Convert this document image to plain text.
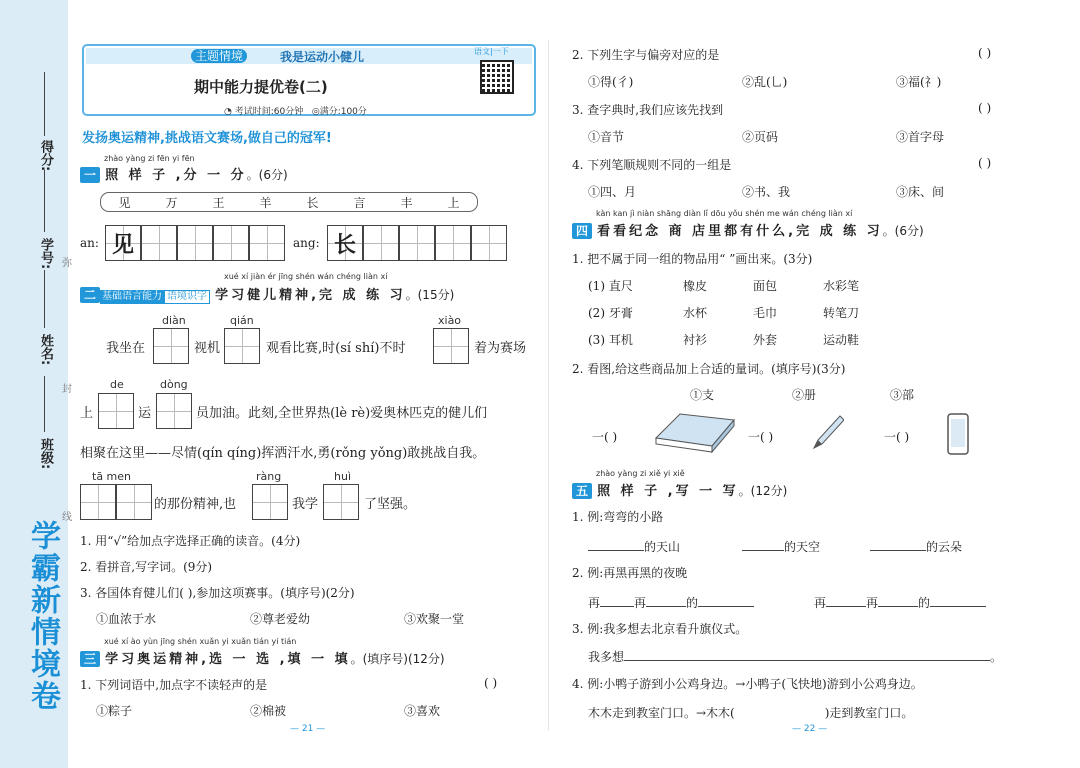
班级:
姓名:
学号:
得分:
弥
封
线
学霸新情境卷
主题情境	我是运动小健儿
期中能力提优卷(二)
◔ 考试时间:60分钟 ◎满分:100分
语文|一下
发扬奥运精神,挑战语文赛场,做自己的冠军!
zhào yàng zi fēn yi fēn
一 照 样 子 ,分 一 分。(6分)
见	万	王	羊	长	言	丰	上
an: 见	ang: 长
xué xí jiàn ér jīng shén wán chéng liàn xí
二 基础语言能力 语境识字 学习健儿精神,完 成 练 习。(15分)
diàn	qián	xiào
我坐在	视机	观看比赛,时(sí shí)不时	着为赛场
de	dòng
上	运	员加油。此刻,全世界热(lè rè)爱奥林匹克的健儿们
相聚在这里——尽情(qín qíng)挥洒汗水,勇(rǒng yǒng)敢挑战自我。
tā men	ràng	huì
的那份精神,也	我学	了坚强。
1. 用“√”给加点字选择正确的读音。(4分)
2. 看拼音,写字词。(9分)
3. 各国体育健儿们( ),参加这项赛事。(填序号)(2分)
①血浓于水	②尊老爱幼	③欢聚一堂
xué xí ào yùn jīng shén xuǎn yi xuǎn tián yi tián
三 学习奥运精神,选 一 选 ,填 一 填。(填序号)(12分)
1. 下列词语中,加点字不读轻声的是	( )
①粽子	②棉被	③喜欢
— 21 —
2. 下列生字与偏旁对应的是	( )
①得(彳)	②乱(乚)	③福(礻)
3. 查字典时,我们应该先找到	( )
①音节	②页码	③首字母
4. 下列笔顺规则不同的一组是	( )
①四、月	②书、我	③床、间
kàn kan jì niàn shāng diàn lǐ dōu yǒu shén me wán chéng liàn xí
四 看看纪念 商 店里都有什么,完 成 练 习。(6分)
1. 把不属于同一组的物品用“ ”画出来。(3分)
(1) 直尺	橡皮	面包	水彩笔
(2) 牙膏	水杯	毛巾	转笔刀
(3) 耳机	衬衫	外套	运动鞋
2. 看图,给这些商品加上合适的量词。(填序号)(3分)
①支	②册	③部
一( )	一( )	一( )
zhào yàng zi xiě yi xiě
五 照 样 子 ,写 一 写。(12分)
1. 例:弯弯的小路
的天山	的天空	的云朵
2. 例:再黑再黑的夜晚
再	再	的	再	再	的
3. 例:我多想去北京看升旗仪式。
我多想	。
4. 例:小鸭子游到小公鸡身边。→小鸭子(飞快地)游到小公鸡身边。
木木走到教室门口。→木木(	)走到教室门口。
— 22 —
